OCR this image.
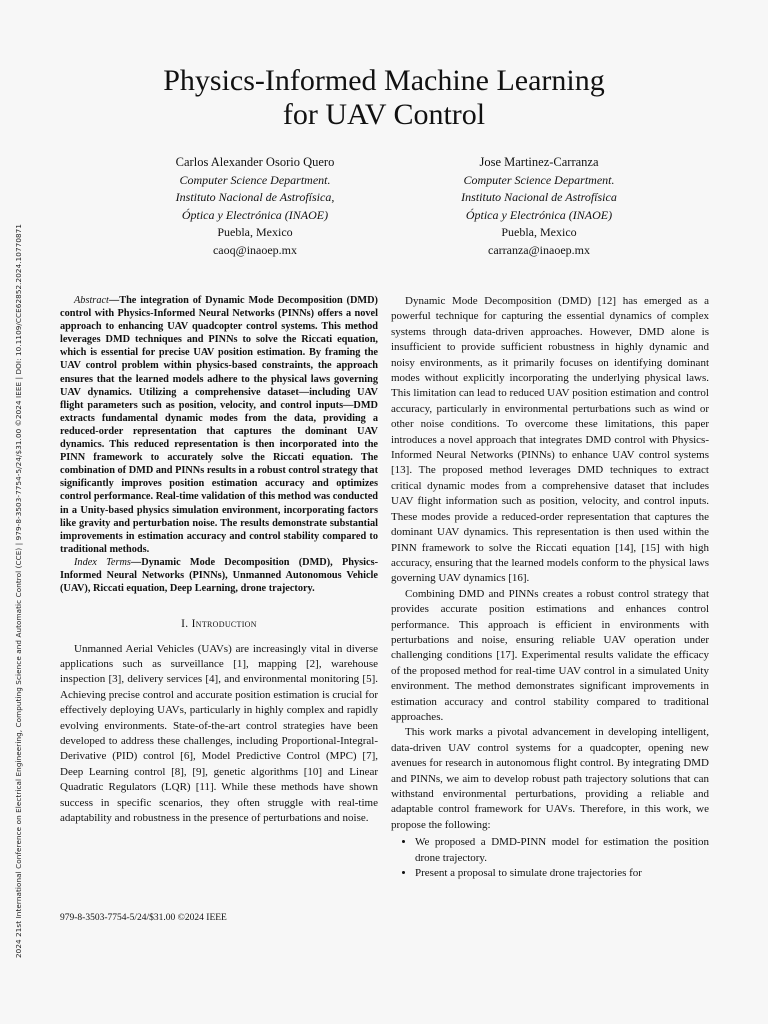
2024 21st International Conference on Electrical Engineering, Computing Science and Automatic Control (CCE) | 979-8-3503-7754-5/24/$31.00 ©2024 IEEE | DOI: 10.1109/CCE62852.2024.10770871
Physics-Informed Machine Learning
for UAV Control
Carlos Alexander Osorio Quero
Computer Science Department.
Instituto Nacional de Astrofísica,
Óptica y Electrónica (INAOE)
Puebla, Mexico
caoq@inaoep.mx
Jose Martinez-Carranza
Computer Science Department.
Instituto Nacional de Astrofísica
Óptica y Electrónica (INAOE)
Puebla, Mexico
carranza@inaoep.mx

Abstract—The integration of Dynamic Mode Decomposition (DMD) control with Physics-Informed Neural Networks (PINNs) offers a novel approach to enhancing UAV quadcopter control systems. This method leverages DMD techniques and PINNs to solve the Riccati equation, which is essential for precise UAV position estimation. By framing the UAV control problem within physics-based constraints, the approach ensures that the learned models adhere to the physical laws governing UAV dynamics. Utilizing a comprehensive dataset—including UAV flight parameters such as position, velocity, and control inputs—DMD extracts fundamental dynamic modes from the data, providing a reduced-order representation that captures the dominant UAV dynamics. This reduced representation is then incorporated into the PINN framework to accurately solve the Riccati equation. The combination of DMD and PINNs results in a robust control strategy that significantly improves position estimation accuracy and optimizes control performance. Real-time validation of this method was conducted in a Unity-based physics simulation environment, incorporating factors like gravity and perturbation noise. The results demonstrate substantial improvements in estimation accuracy and control stability compared to traditional methods.

Index Terms—Dynamic Mode Decomposition (DMD), Physics-Informed Neural Networks (PINNs), Unmanned Autonomous Vehicle (UAV), Riccati equation, Deep Learning, drone trajectory.

I. Introduction

Unmanned Aerial Vehicles (UAVs) are increasingly vital in diverse applications such as surveillance [1], mapping [2], warehouse inspection [3], delivery services [4], and environmental monitoring [5]. Achieving precise control and accurate position estimation is crucial for effectively deploying UAVs, particularly in highly complex and rapidly evolving environments. State-of-the-art control strategies have been developed to address these challenges, including Proportional-Integral-Derivative (PID) control [6], Model Predictive Control (MPC) [7], Deep Learning control [8], [9], genetic algorithms [10] and Linear Quadratic Regulators (LQR) [11]. While these methods have shown success in specific scenarios, they often struggle with real-time adaptability and robustness in the presence of perturbations and noise.

Dynamic Mode Decomposition (DMD) [12] has emerged as a powerful technique for capturing the essential dynamics of complex systems through data-driven approaches. However, DMD alone is insufficient to provide sufficient robustness in highly dynamic and noisy environments, as it primarily focuses on identifying dominant modes without explicitly incorporating the underlying physical laws. This limitation can lead to reduced UAV position estimation and control accuracy, particularly in environmental perturbations such as wind or other noise conditions. To overcome these limitations, this paper introduces a novel approach that integrates DMD control with Physics-Informed Neural Networks (PINNs) to enhance UAV control systems [13]. The proposed method leverages DMD techniques to extract critical dynamic modes from a comprehensive dataset that includes UAV flight information such as position, velocity, and control inputs. These modes provide a reduced-order representation that captures the dominant UAV dynamics. This representation is then used within the PINN framework to solve the Riccati equation [14], [15] with high accuracy, ensuring that the learned models conform to the physical laws governing UAV dynamics [16].

Combining DMD and PINNs creates a robust control strategy that provides accurate position estimations and enhances control performance. This approach is efficient in environments with perturbations and noise, ensuring reliable UAV operation under challenging conditions [17]. Experimental results validate the efficacy of the proposed method for real-time UAV control in a simulated Unity environment. The method demonstrates significant improvements in estimation accuracy and control stability compared to traditional approaches.

This work marks a pivotal advancement in developing intelligent, data-driven UAV control systems for a quadcopter, opening new avenues for research in autonomous flight control. By integrating DMD and PINNs, we aim to develop robust path trajectory solutions that can withstand environmental perturbations, providing a reliable and adaptable control framework for UAVs. Therefore, in this work, we propose the following:

• We proposed a DMD-PINN model for estimation the position drone trajectory.
• Present a proposal to simulate drone trajectories for
979-8-3503-7754-5/24/$31.00 ©2024 IEEE
